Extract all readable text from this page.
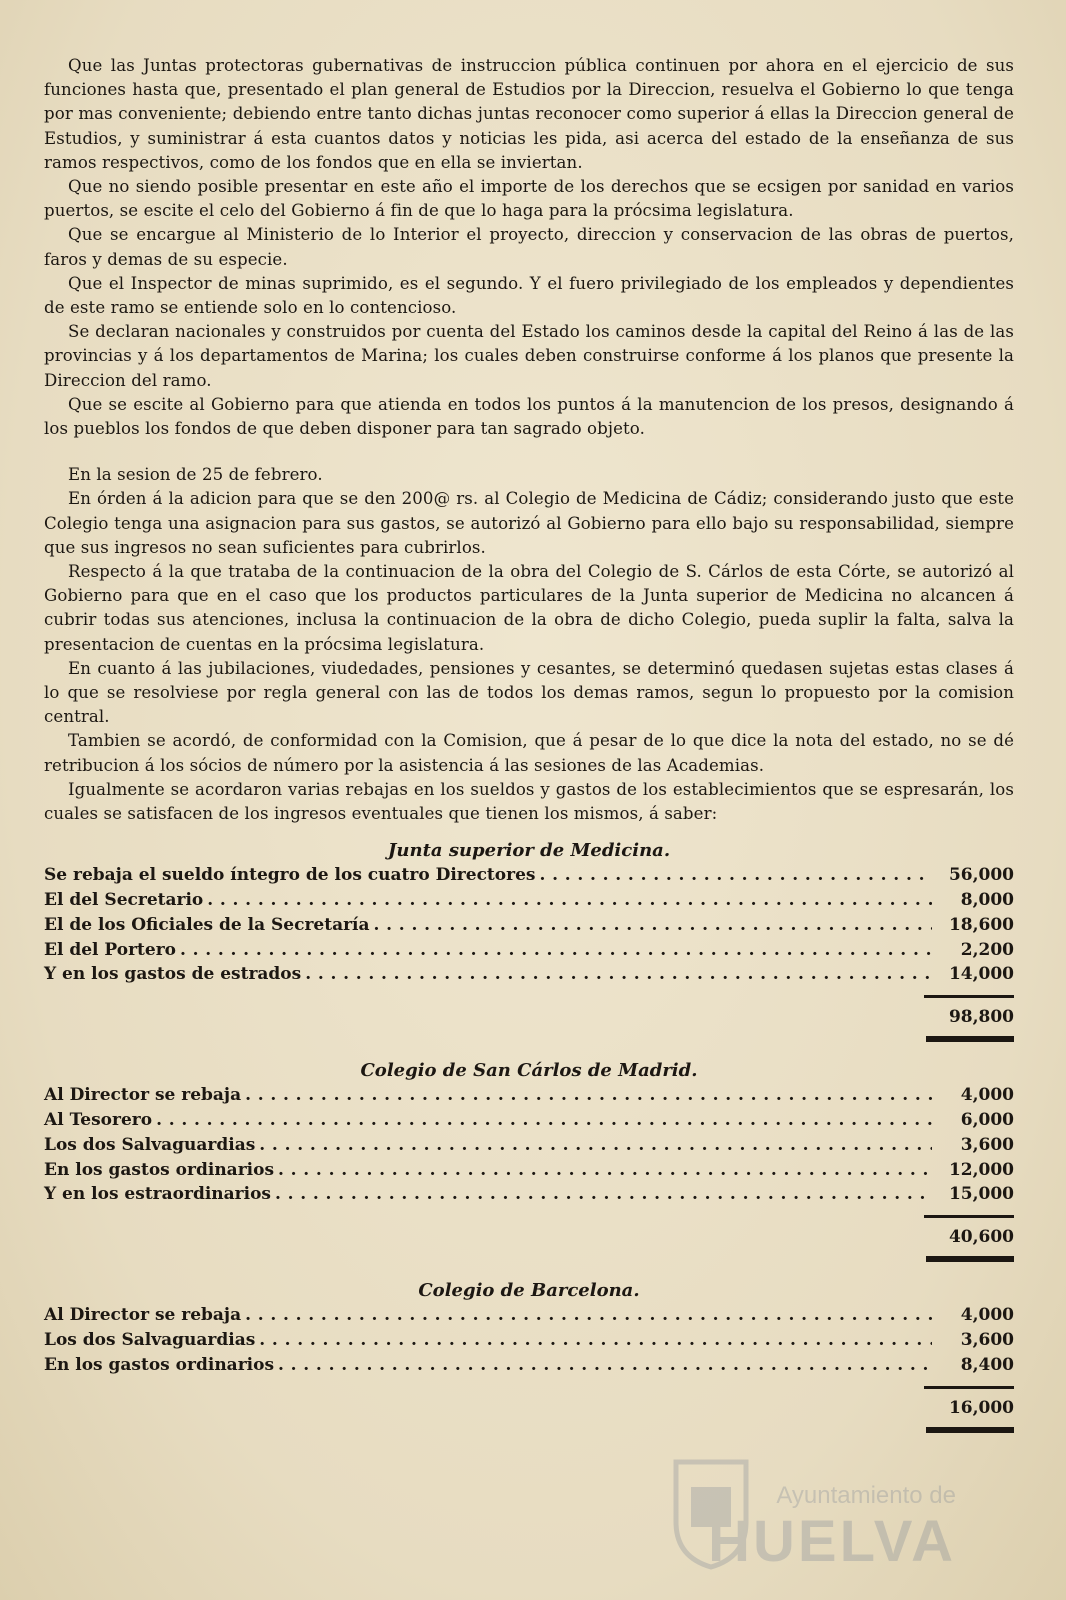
Que las Juntas protectoras gubernativas de instruccion pública continuen por ahora en el ejercicio de sus funciones hasta que, presentado el plan general de Estudios por la Direccion, resuelva el Gobierno lo que tenga por mas conveniente; debiendo entre tanto dichas juntas reconocer como superior á ellas la Direccion general de Estudios, y suministrar á esta cuantos datos y noticias les pida, asi acerca del estado de la enseñanza de sus ramos respectivos, como de los fondos que en ella se inviertan.

Que no siendo posible presentar en este año el importe de los derechos que se ecsigen por sanidad en varios puertos, se escite el celo del Gobierno á fin de que lo haga para la prócsima legislatura.

Que se encargue al Ministerio de lo Interior el proyecto, direccion y conservacion de las obras de puertos, faros y demas de su especie.

Que el Inspector de minas suprimido, es el segundo. Y el fuero privilegiado de los empleados y dependientes de este ramo se entiende solo en lo contencioso.

Se declaran nacionales y construidos por cuenta del Estado los caminos desde la capital del Reino á las de las provincias y á los departamentos de Marina; los cuales deben construirse conforme á los planos que presente la Direccion del ramo.

Que se escite al Gobierno para que atienda en todos los puntos á la manutencion de los presos, designando á los pueblos los fondos de que deben disponer para tan sagrado objeto.

En la sesion de 25 de febrero.

En órden á la adicion para que se den 200@ rs. al Colegio de Medicina de Cádiz; considerando justo que este Colegio tenga una asignacion para sus gastos, se autorizó al Gobierno para ello bajo su responsabilidad, siempre que sus ingresos no sean suficientes para cubrirlos.

Respecto á la que trataba de la continuacion de la obra del Colegio de S. Cárlos de esta Córte, se autorizó al Gobierno para que en el caso que los productos particulares de la Junta superior de Medicina no alcancen á cubrir todas sus atenciones, inclusa la continuacion de la obra de dicho Colegio, pueda suplir la falta, salva la presentacion de cuentas en la prócsima legislatura.

En cuanto á las jubilaciones, viudedades, pensiones y cesantes, se determinó quedasen sujetas estas clases á lo que se resolviese por regla general con las de todos los demas ramos, segun lo propuesto por la comision central.

Tambien se acordó, de conformidad con la Comision, que á pesar de lo que dice la nota del estado, no se dé retribucion á los sócios de número por la asistencia á las sesiones de las Academias.

Igualmente se acordaron varias rebajas en los sueldos y gastos de los establecimientos que se espresarán, los cuales se satisfacen de los ingresos eventuales que tienen los mismos, á saber:

Junta superior de Medicina.
Se rebaja el sueldo íntegro de los cuatro Directores . . .	56,000
El del Secretario . . .	8,000
El de los Oficiales de la Secretaría . . .	18,600
El del Portero . . .	2,200
Y en los gastos de estrados . . .	14,000
98,800
Colegio de San Cárlos de Madrid.
Al Director se rebaja . . .	4,000
Al Tesorero . . .	6,000
Los dos Salvaguardias . . .	3,600
En los gastos ordinarios . . .	12,000
Y en los estraordinarios . . .	15,000
40,600
Colegio de Barcelona.
Al Director se rebaja . . .	4,000
Los dos Salvaguardias . . .	3,600
En los gastos ordinarios . . .	8,400
16,000
Ayuntamiento de
HUELVA
